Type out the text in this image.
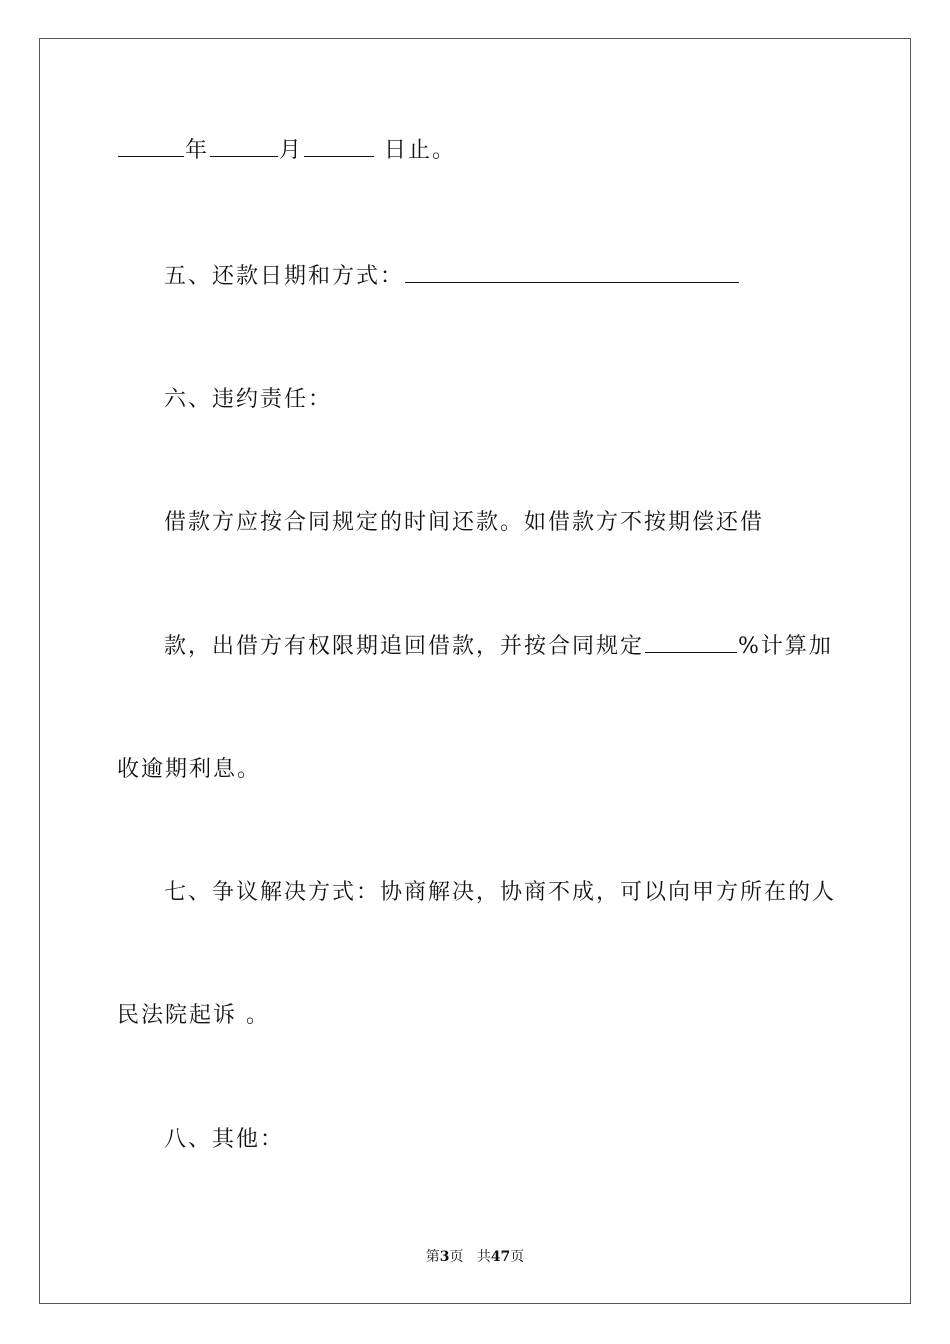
年	月	日止。
五、还款日期和方式：
六、违约责任：
借款方应按合同规定的时间还款。如借款方不按期偿还借
款，出借方有权限期追回借款，并按合同规定	%计算加
收逾期利息。
七、争议解决方式：协商解决，协商不成，可以向甲方所在的人
民法院起诉 。
八、其他：
第3页 共47页
